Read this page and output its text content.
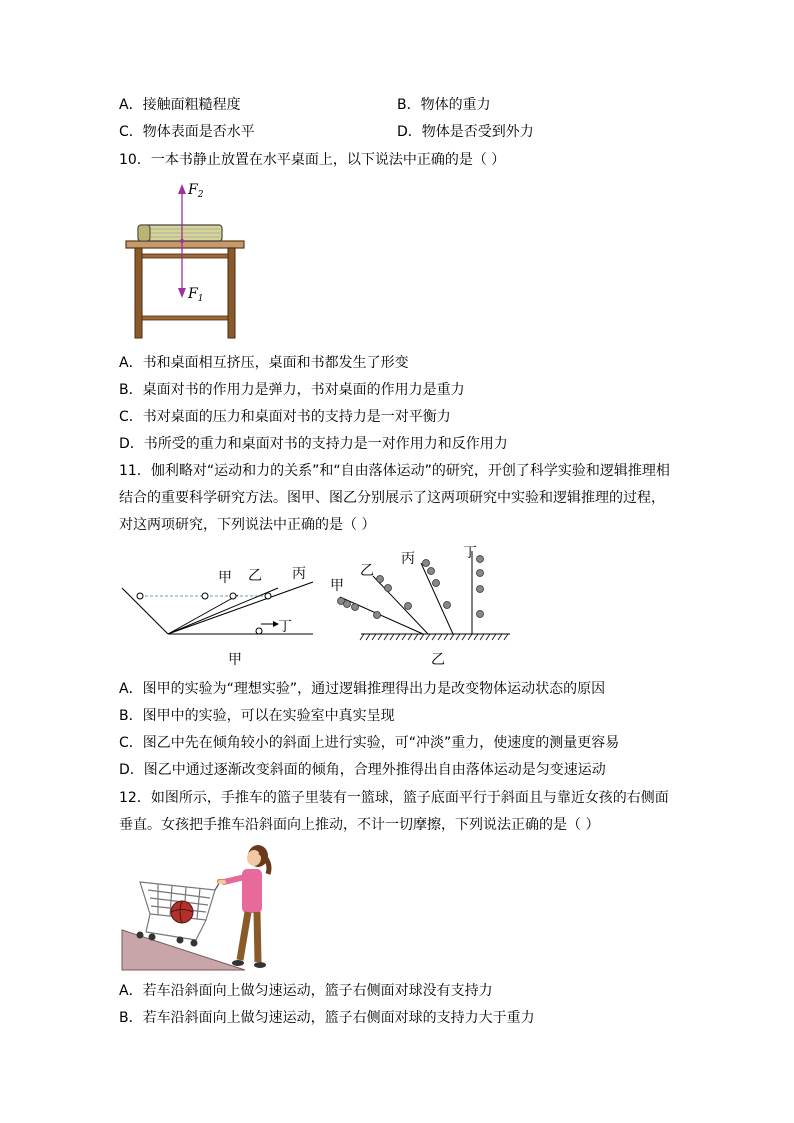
A．接触面粗糙程度	B．物体的重力
C．物体表面是否水平	D．物体是否受到外力
10．一本书静止放置在水平桌面上，以下说法中正确的是（ ）
$F_2$
$F_1$
A．书和桌面相互挤压，桌面和书都发生了形变
B．桌面对书的作用力是弹力，书对桌面的作用力是重力
C．书对桌面的压力和桌面对书的支持力是一对平衡力
D．书所受的重力和桌面对书的支持力是一对作用力和反作用力
11．伽利略对“运动和力的关系”和“自由落体运动”的研究，开创了科学实验和逻辑推理相
结合的重要科学研究方法。图甲、图乙分别展示了这两项研究中实验和逻辑推理的过程，
对这两项研究，下列说法中正确的是（ ）
甲 乙 丙
丁
甲
甲
乙
丙	丁
乙
A．图甲的实验为“理想实验”，通过逻辑推理得出力是改变物体运动状态的原因
B．图甲中的实验，可以在实验室中真实呈现
C．图乙中先在倾角较小的斜面上进行实验，可“冲淡”重力，使速度的测量更容易
D．图乙中通过逐渐改变斜面的倾角，合理外推得出自由落体运动是匀变速运动
12．如图所示，手推车的篮子里装有一篮球，篮子底面平行于斜面且与靠近女孩的右侧面
垂直。女孩把手推车沿斜面向上推动，不计一切摩擦，下列说法正确的是（ ）
A．若车沿斜面向上做匀速运动，篮子右侧面对球没有支持力
B．若车沿斜面向上做匀速运动，篮子右侧面对球的支持力大于重力
